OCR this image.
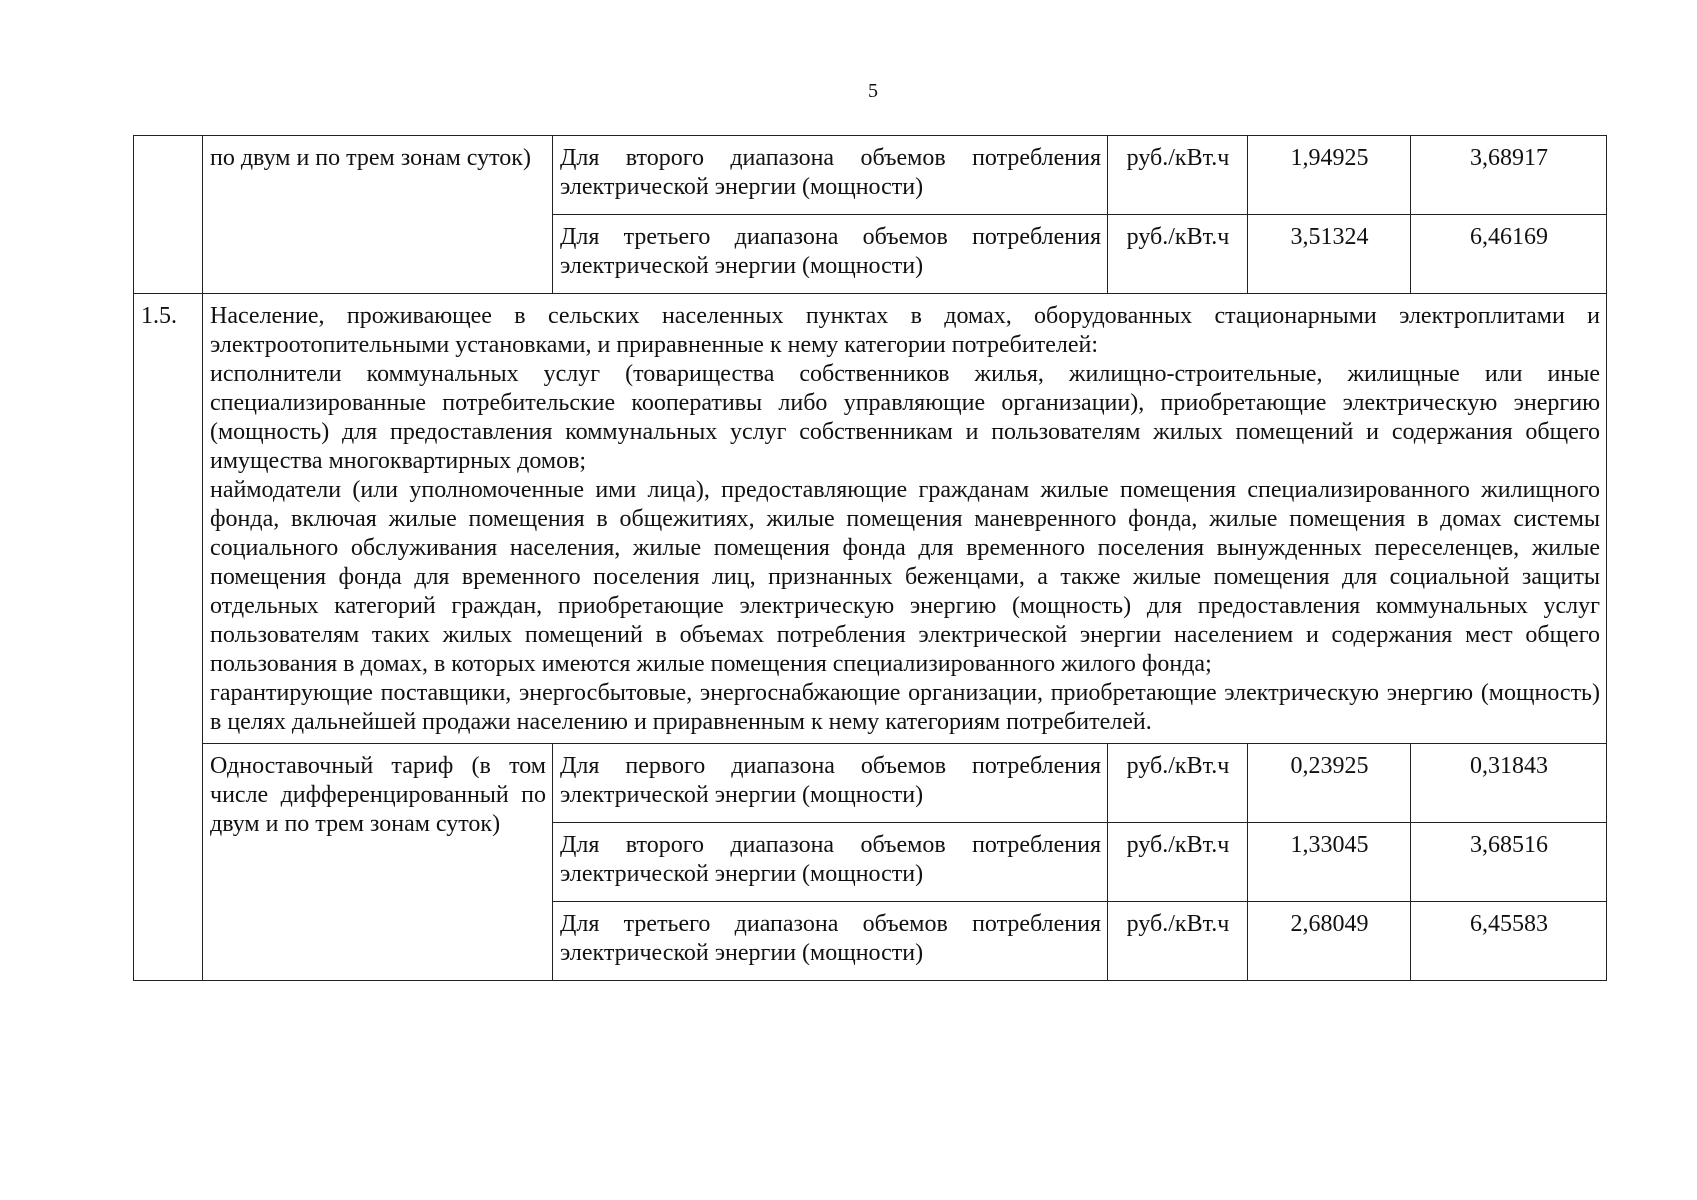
5
	по двум и по трем зонам суток)	Для второго диапазона объемов потребления электрической энергии (мощности)	руб./кВт.ч	1,94925	3,68917
		Для третьего диапазона объемов потребления электрической энергии (мощности)	руб./кВт.ч	3,51324	6,46169
1.5.	Население, проживающее в сельских населенных пунктах в домах, оборудованных стационарными электроплитами и электроотопительными установками, и приравненные к нему категории потребителей:

исполнители коммунальных услуг (товарищества собственников жилья, жилищно-строительные, жилищные или иные специализированные потребительские кооперативы либо управляющие организации), приобретающие электрическую энергию (мощность) для предоставления коммунальных услуг собственникам и пользователям жилых помещений и содержания общего имущества многоквартирных домов;

наймодатели (или уполномоченные ими лица), предоставляющие гражданам жилые помещения специализированного жилищного фонда, включая жилые помещения в общежитиях, жилые помещения маневренного фонда, жилые помещения в домах системы социального обслуживания населения, жилые помещения фонда для временного поселения вынужденных переселенцев, жилые помещения фонда для временного поселения лиц, признанных беженцами, а также жилые помещения для социальной защиты отдельных категорий граждан, приобретающие электрическую энергию (мощность) для предоставления коммунальных услуг пользователям таких жилых помещений в объемах потребления электрической энергии населением и содержания мест общего пользования в домах, в которых имеются жилые помещения специализированного жилого фонда;

гарантирующие поставщики, энергосбытовые, энергоснабжающие организации, приобретающие электрическую энергию (мощность) в целях дальнейшей продажи населению и приравненным к нему категориям потребителей.				

	Одноставочный тариф (в том числе дифференцированный по двум и по трем зонам суток)	Для первого диапазона объемов потребления электрической энергии (мощности)	руб./кВт.ч	0,23925	0,31843
		Для второго диапазона объемов потребления электрической энергии (мощности)	руб./кВт.ч	1,33045	3,68516
		Для третьего диапазона объемов потребления электрической энергии (мощности)	руб./кВт.ч	2,68049	6,45583
